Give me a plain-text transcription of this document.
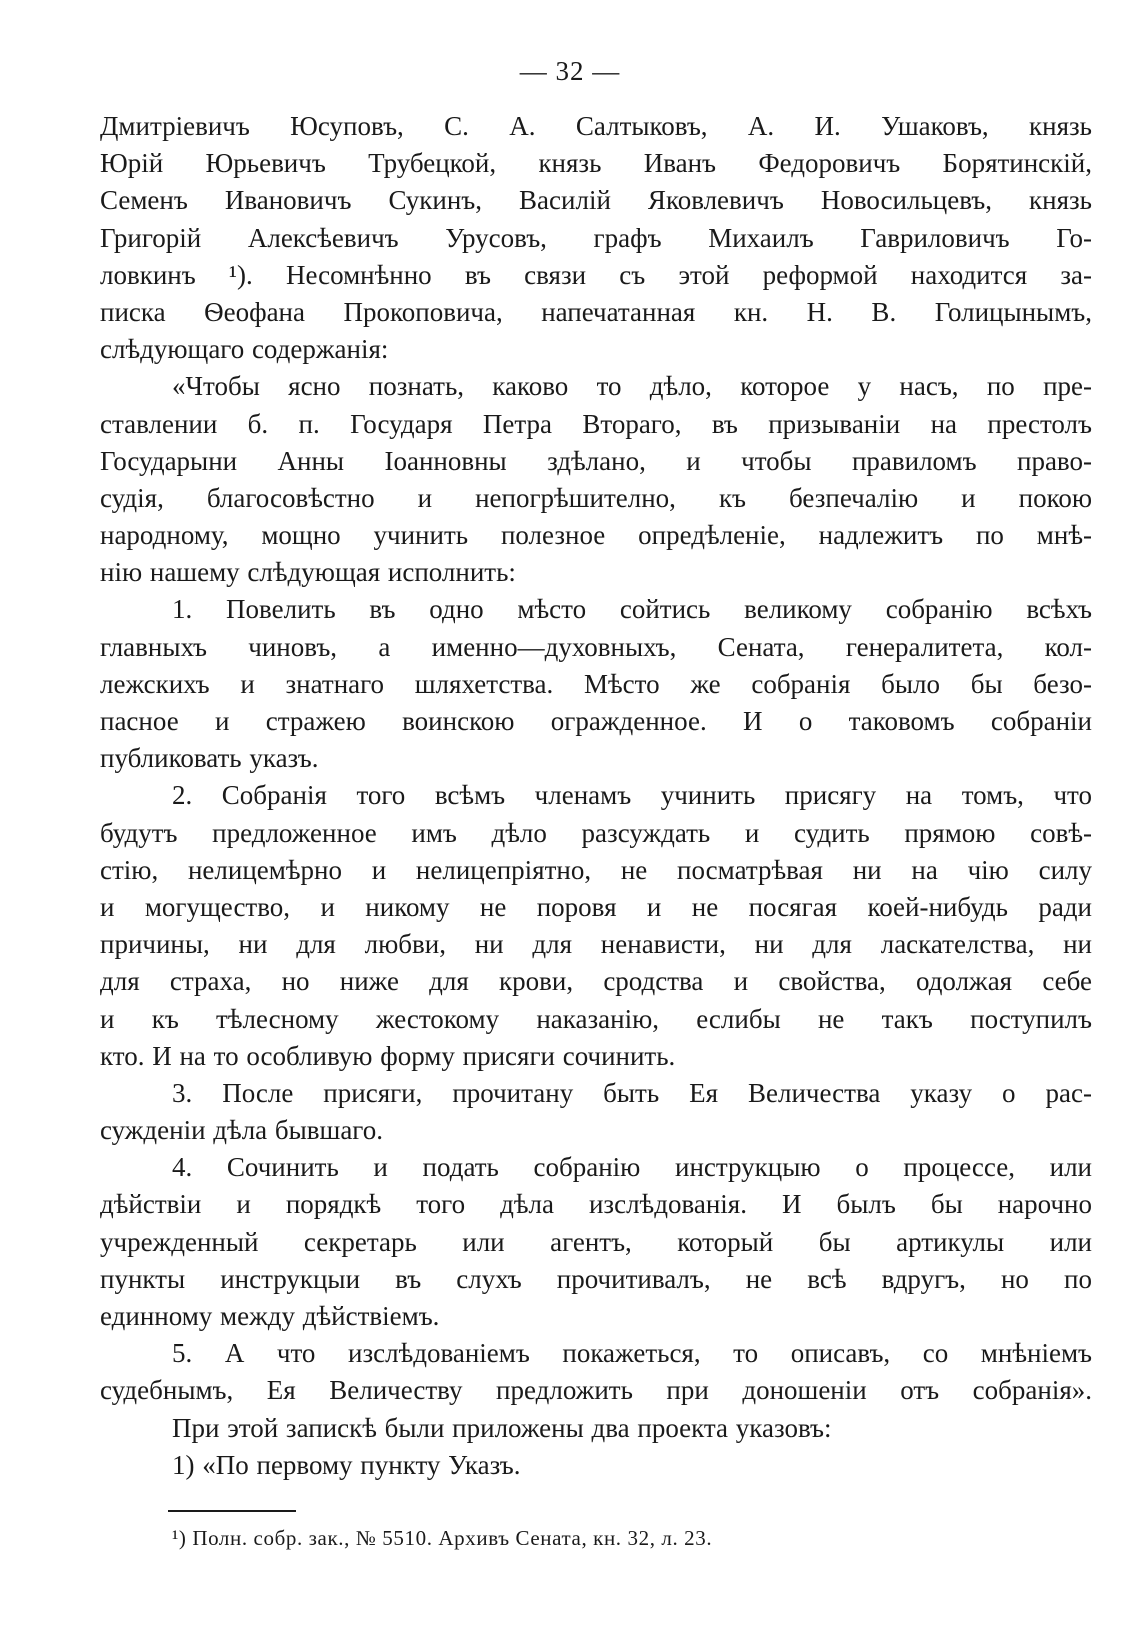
— 32 —
Дмитріевичъ Юсуповъ, С. А. Салтыковъ, А. И. Ушаковъ, князь
Юрій Юрьевичъ Трубецкой, князь Иванъ Федоровичъ Борятинскій,
Семенъ Ивановичъ Сукинъ, Василій Яковлевичъ Новосильцевъ, князь
Григорій Алексѣевичъ Урусовъ, графъ Михаилъ Гавриловичъ Го-
ловкинъ ¹). Несомнѣнно въ связи съ этой реформой находится за-
писка Ѳеофана Прокоповича, напечатанная кн. Н. В. Голицынымъ,
слѣдующаго содержанія:
«Чтобы ясно познать, каково то дѣло, которое у насъ, по пре-
ставлении б. п. Государя Петра Втораго, въ призываніи на престолъ
Государыни Анны Іоанновны здѣлано, и чтобы правиломъ право-
судія, благосовѣстно и непогрѣшително, къ безпечалію и покою
народному, мощно учинить полезное опредѣленіе, надлежитъ по мнѣ-
нію нашему слѣдующая исполнить:
1. Повелить въ одно мѣсто сойтись великому собранію всѣхъ
главныхъ чиновъ, а именно—духовныхъ, Сената, генералитета, кол-
лежскихъ и знатнаго шляхетства. Мѣсто же собранія было бы безо-
пасное и стражею воинскою огражденное. И о таковомъ собраніи
публиковать указъ.
2. Собранія того всѣмъ членамъ учинить присягу на томъ, что
будутъ предложенное имъ дѣло разсуждать и судить прямою совѣ-
стію, нелицемѣрно и нелицепріятно, не посматрѣвая ни на чію силу
и могущество, и никому не поровя и не посягая коей-нибудь ради
причины, ни для любви, ни для ненависти, ни для ласкателства, ни
для страха, но ниже для крови, сродства и свойства, одолжая себе
и къ тѣлесному жестокому наказанію, еслибы не такъ поступилъ
кто. И на то особливую форму присяги сочинить.
3. После присяги, прочитану быть Ея Величества указу о рас-
сужденіи дѣла бывшаго.
4. Сочинить и подать собранію инструкцыю о процессе, или
дѣйствіи и порядкѣ того дѣла изслѣдованія. И былъ бы нарочно
учрежденный секретарь или агентъ, который бы артикулы или
пункты инструкцыи въ слухъ прочитивалъ, не всѣ вдругъ, но по
единному между дѣйствіемъ.
5. А что изслѣдованіемъ покажеться, то описавъ, со мнѣніемъ
судебнымъ, Ея Величеству предложить при доношеніи отъ собранія».
При этой запискѣ были приложены два проекта указовъ:
1) «По первому пункту Указъ.
¹) Полн. собр. зак., № 5510. Архивъ Сената, кн. 32, л. 23.
